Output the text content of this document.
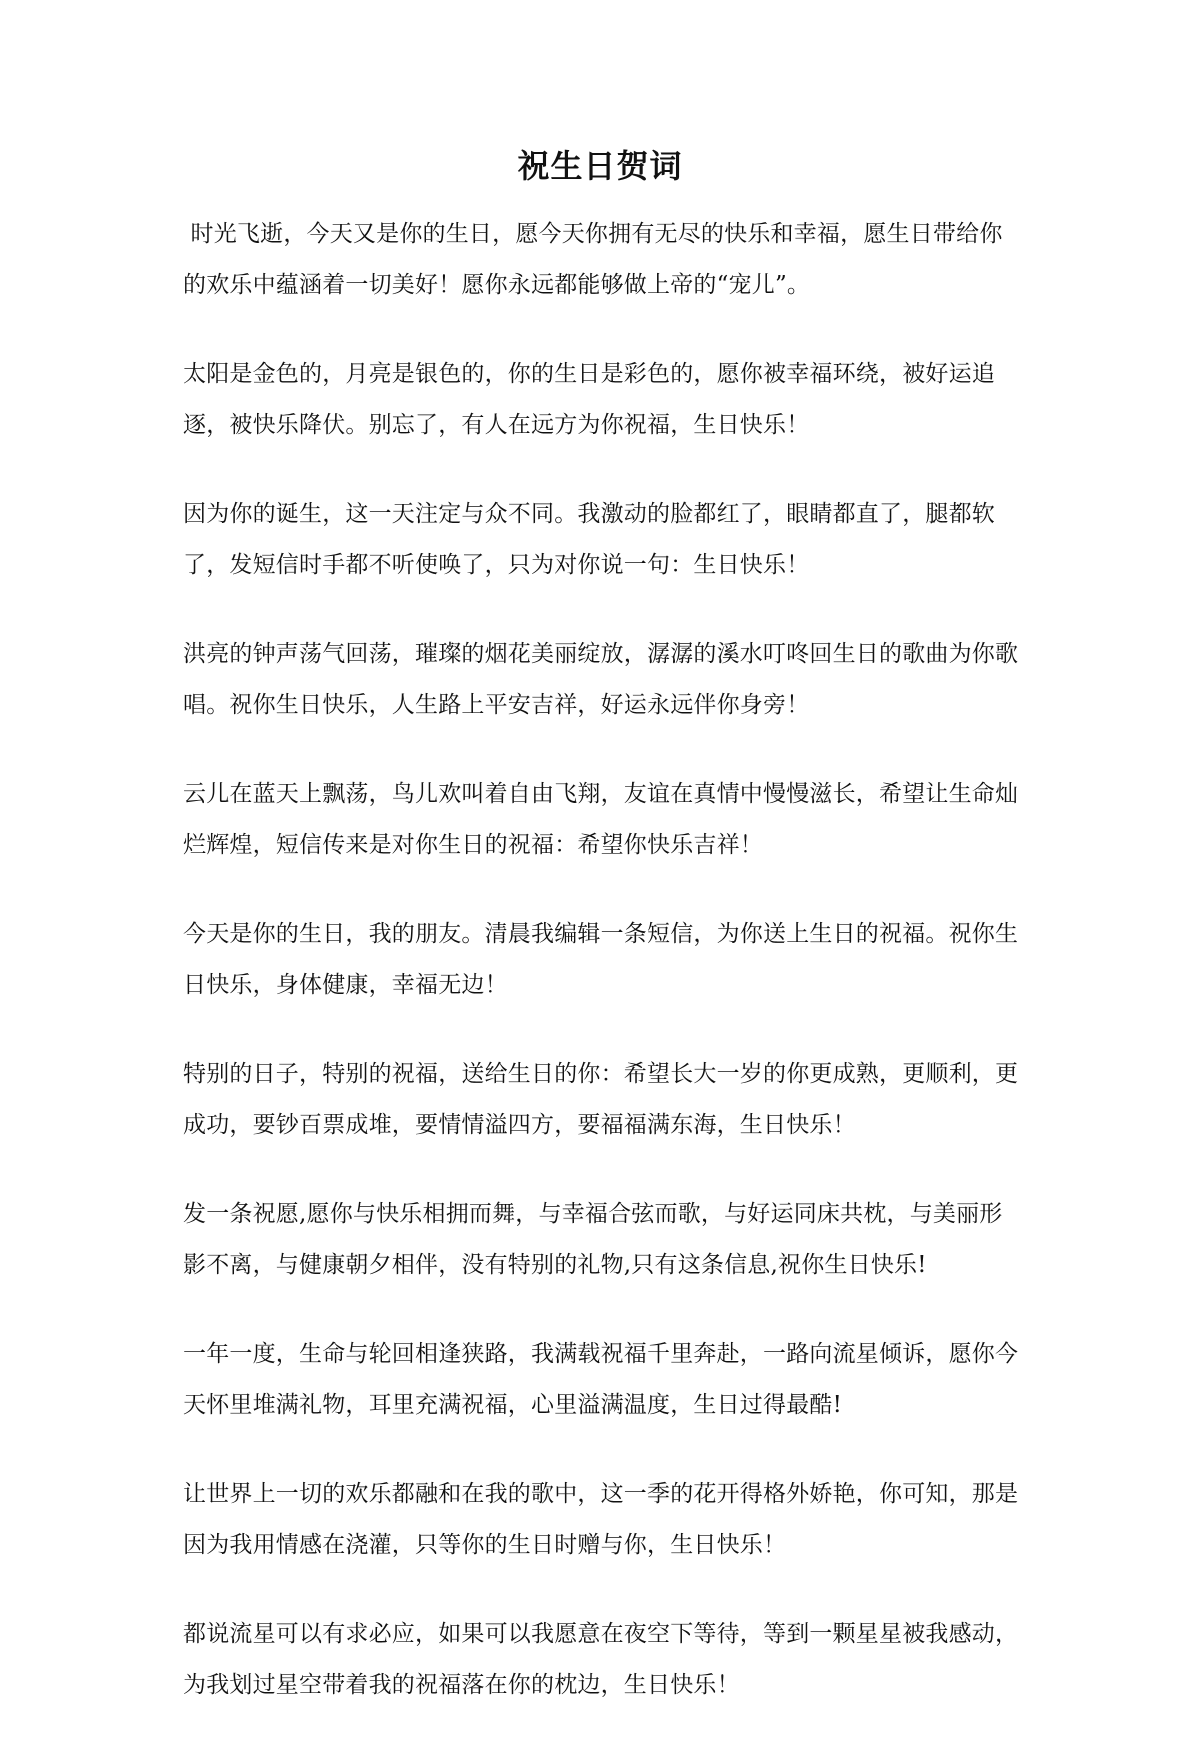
祝生日贺词

时光飞逝，今天又是你的生日，愿今天你拥有无尽的快乐和幸福，愿生日带给你的欢乐中蕴涵着一切美好！愿你永远都能够做上帝的“宠儿”。

太阳是金色的，月亮是银色的，你的生日是彩色的，愿你被幸福环绕，被好运追逐，被快乐降伏。别忘了，有人在远方为你祝福，生日快乐！

因为你的诞生，这一天注定与众不同。我激动的脸都红了，眼睛都直了，腿都软了，发短信时手都不听使唤了，只为对你说一句：生日快乐！

洪亮的钟声荡气回荡，璀璨的烟花美丽绽放，潺潺的溪水叮咚回生日的歌曲为你歌唱。祝你生日快乐，人生路上平安吉祥，好运永远伴你身旁！

云儿在蓝天上飘荡，鸟儿欢叫着自由飞翔，友谊在真情中慢慢滋长，希望让生命灿烂辉煌，短信传来是对你生日的祝福：希望你快乐吉祥！

今天是你的生日，我的朋友。清晨我编辑一条短信，为你送上生日的祝福。祝你生日快乐，身体健康，幸福无边！

特别的日子，特别的祝福，送给生日的你：希望长大一岁的你更成熟，更顺利，更成功，要钞百票成堆，要情情溢四方，要福福满东海，生日快乐！

发一条祝愿,愿你与快乐相拥而舞，与幸福合弦而歌，与好运同床共枕，与美丽形影不离，与健康朝夕相伴，没有特别的礼物,只有这条信息,祝你生日快乐!

一年一度，生命与轮回相逢狭路，我满载祝福千里奔赴，一路向流星倾诉，愿你今天怀里堆满礼物，耳里充满祝福，心里溢满温度，生日过得最酷!

让世界上一切的欢乐都融和在我的歌中，这一季的花开得格外娇艳，你可知，那是因为我用情感在浇灌，只等你的生日时赠与你，生日快乐！

都说流星可以有求必应，如果可以我愿意在夜空下等待，等到一颗星星被我感动，为我划过星空带着我的祝福落在你的枕边，生日快乐！
